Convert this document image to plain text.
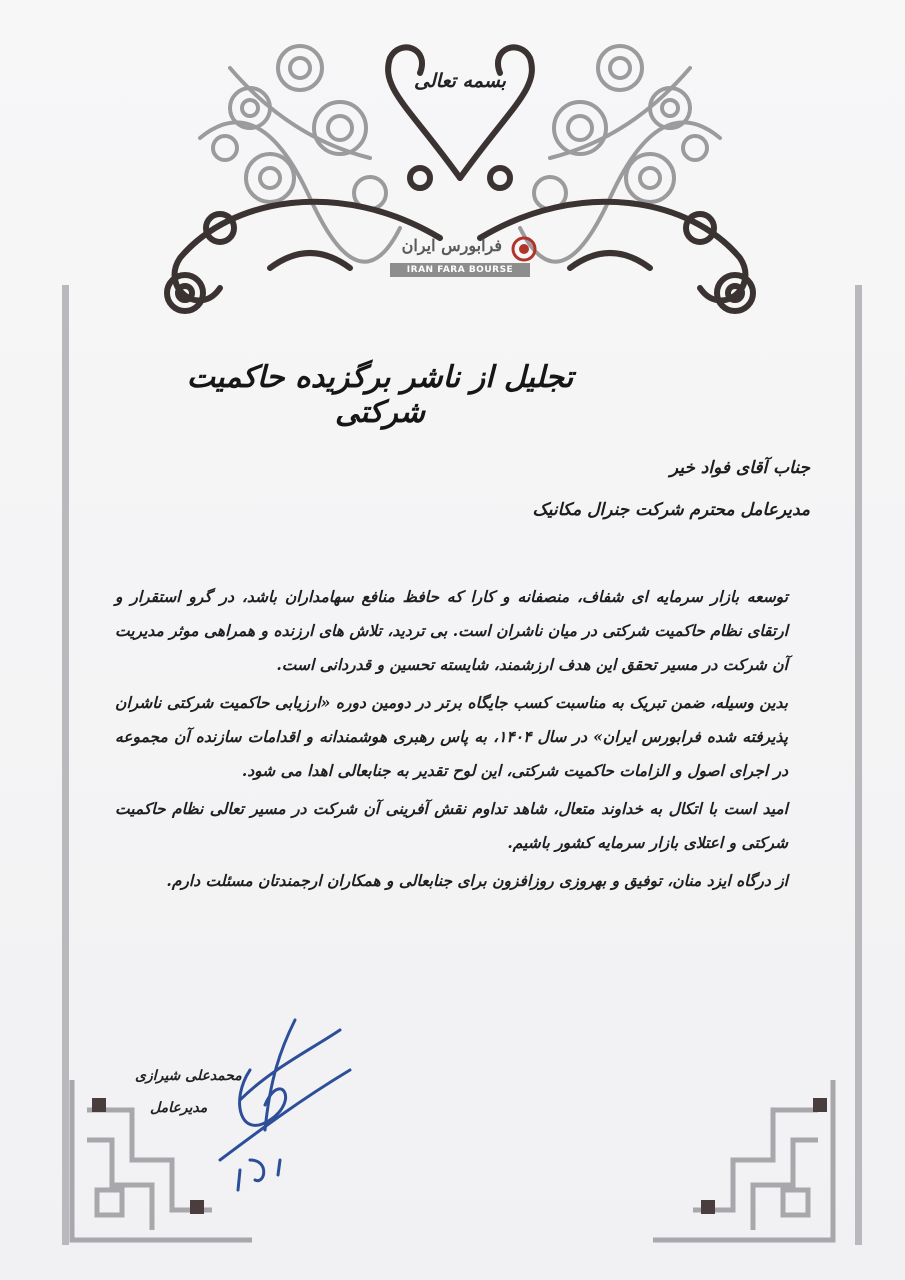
بسمه تعالی
فرابورس ایران
IRAN FARA BOURSE
تجلیل از ناشر برگزیده حاکمیت شرکتی
جناب آقای فواد خیر
مدیرعامل محترم شرکت جنرال مکانیک

توسعه بازار سرمایه ای شفاف، منصفانه و کارا که حافظ منافع سهامداران باشد، در گرو استقرار و ارتقای نظام حاکمیت شرکتی در میان ناشران است. بی تردید، تلاش های ارزنده و همراهی موثر مدیریت آن شرکت در مسیر تحقق این هدف ارزشمند، شایسته تحسین و قدردانی است.

بدین وسیله، ضمن تبریک به مناسبت کسب جایگاه برتر در دومین دوره «ارزیابی حاکمیت شرکتی ناشران پذیرفته شده فرابورس ایران» در سال ۱۴۰۴، به پاس رهبری هوشمندانه و اقدامات سازنده آن مجموعه در اجرای اصول و الزامات حاکمیت شرکتی، این لوح تقدیر به جنابعالی اهدا می شود.

امید است با اتکال به خداوند متعال، شاهد تداوم نقش آفرینی آن شرکت در مسیر تعالی نظام حاکمیت شرکتی و اعتلای بازار سرمایه کشور باشیم.

از درگاه ایزد منان، توفیق و بهروزی روزافزون برای جنابعالی و همکاران ارجمندتان مسئلت دارم.

محمدعلی شیرازی
مدیرعامل
